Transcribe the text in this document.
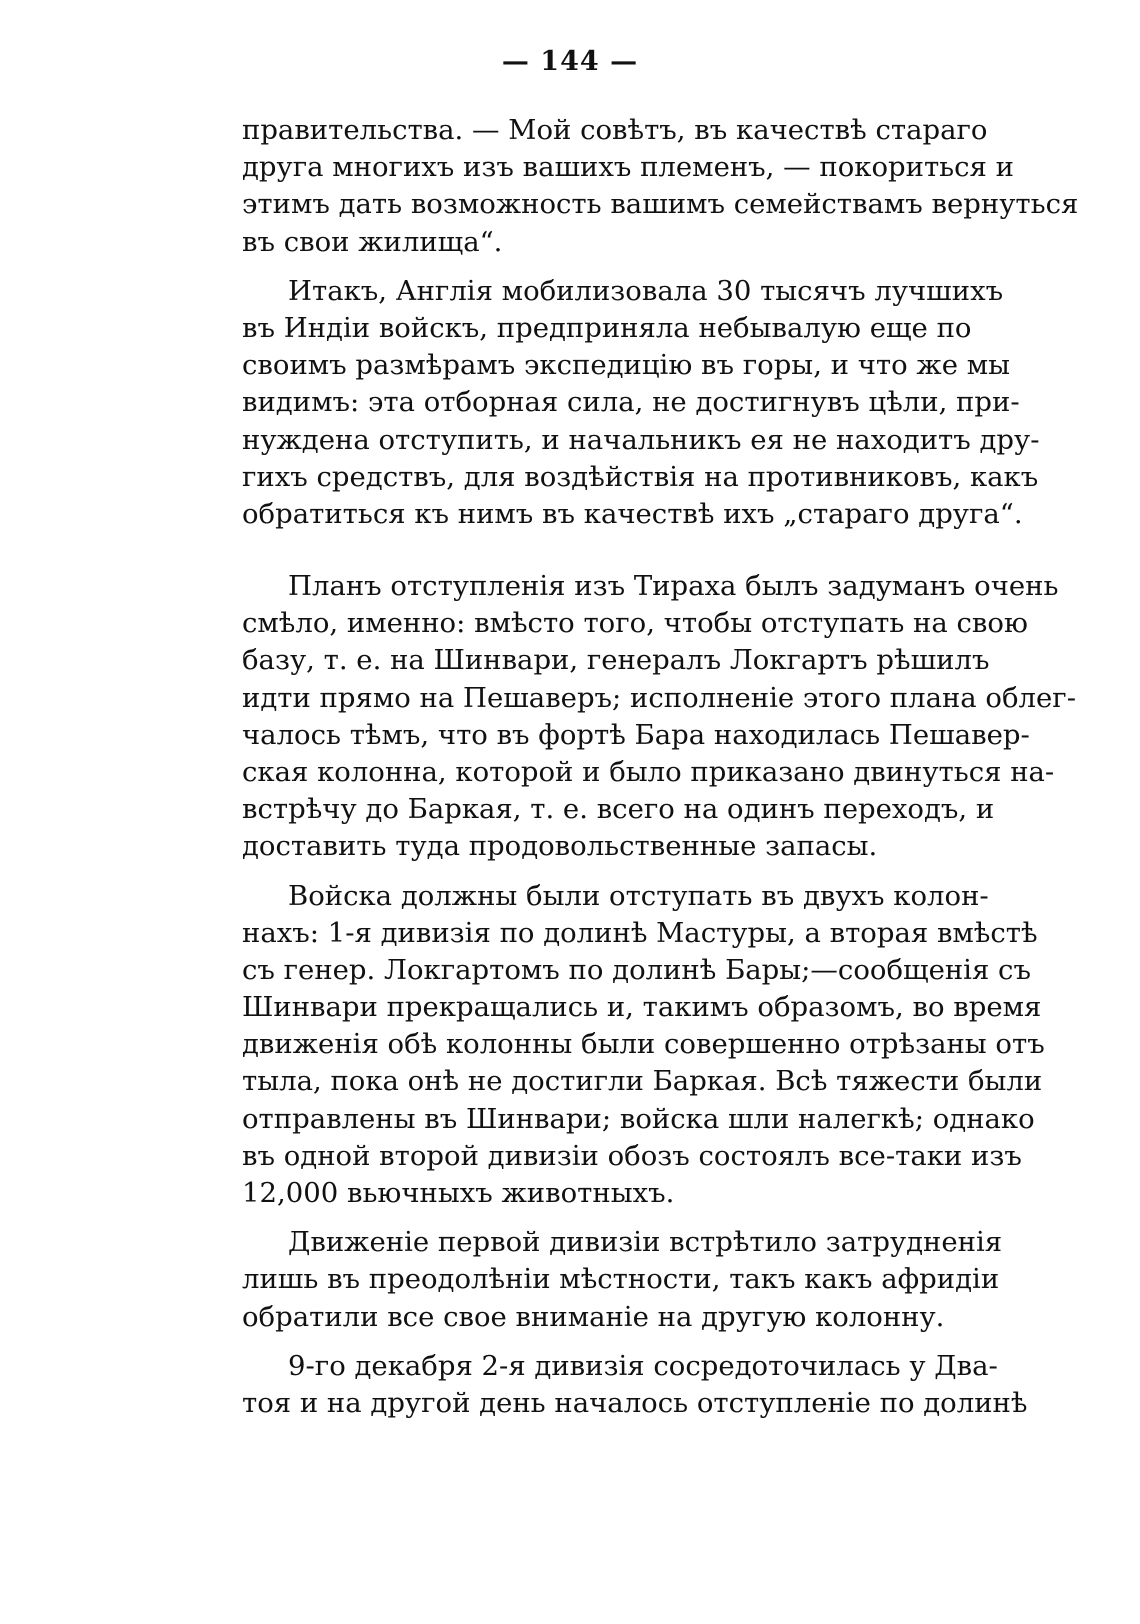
— 144 —
правительства. — Мой совѣтъ, въ качествѣ стараго
друга многихъ изъ вашихъ племенъ, — покориться и
этимъ дать возможность вашимъ семействамъ вернуться
въ свои жилища“.
Итакъ, Англія мобилизовала 30 тысячъ лучшихъ
въ Индіи войскъ, предприняла небывалую еще по
своимъ размѣрамъ экспедицію въ горы, и что же мы
видимъ: эта отборная сила, не достигнувъ цѣли, при-
нуждена отступить, и начальникъ ея не находитъ дру-
гихъ средствъ, для воздѣйствія на противниковъ, какъ
обратиться къ нимъ въ качествѣ ихъ „стараго друга“.
Планъ отступленія изъ Тираха былъ задуманъ очень
смѣло, именно: вмѣсто того, чтобы отступать на свою
базу, т. е. на Шинвари, генералъ Локгартъ рѣшилъ
идти прямо на Пешаверъ; исполненіе этого плана облег-
чалось тѣмъ, что въ фортѣ Бара находилась Пешавер-
ская колонна, которой и было приказано двинуться на-
встрѣчу до Баркая, т. е. всего на одинъ переходъ, и
доставить туда продовольственные запасы.
Войска должны были отступать въ двухъ колон-
нахъ: 1-я дивизія по долинѣ Мастуры, а вторая вмѣстѣ
съ генер. Локгартомъ по долинѣ Бары;—сообщенія съ
Шинвари прекращались и, такимъ образомъ, во время
движенія обѣ колонны были совершенно отрѣзаны отъ
тыла, пока онѣ не достигли Баркая. Всѣ тяжести были
отправлены въ Шинвари; войска шли налегкѣ; однако
въ одной второй дивизіи обозъ состоялъ все-таки изъ
12,000 вьючныхъ животныхъ.
Движеніе первой дивизіи встрѣтило затрудненія
лишь въ преодолѣніи мѣстности, такъ какъ афридіи
обратили все свое вниманіе на другую колонну.
9-го декабря 2-я дивизія сосредоточилась у Два-
тоя и на другой день началось отступленіе по долинѣ
